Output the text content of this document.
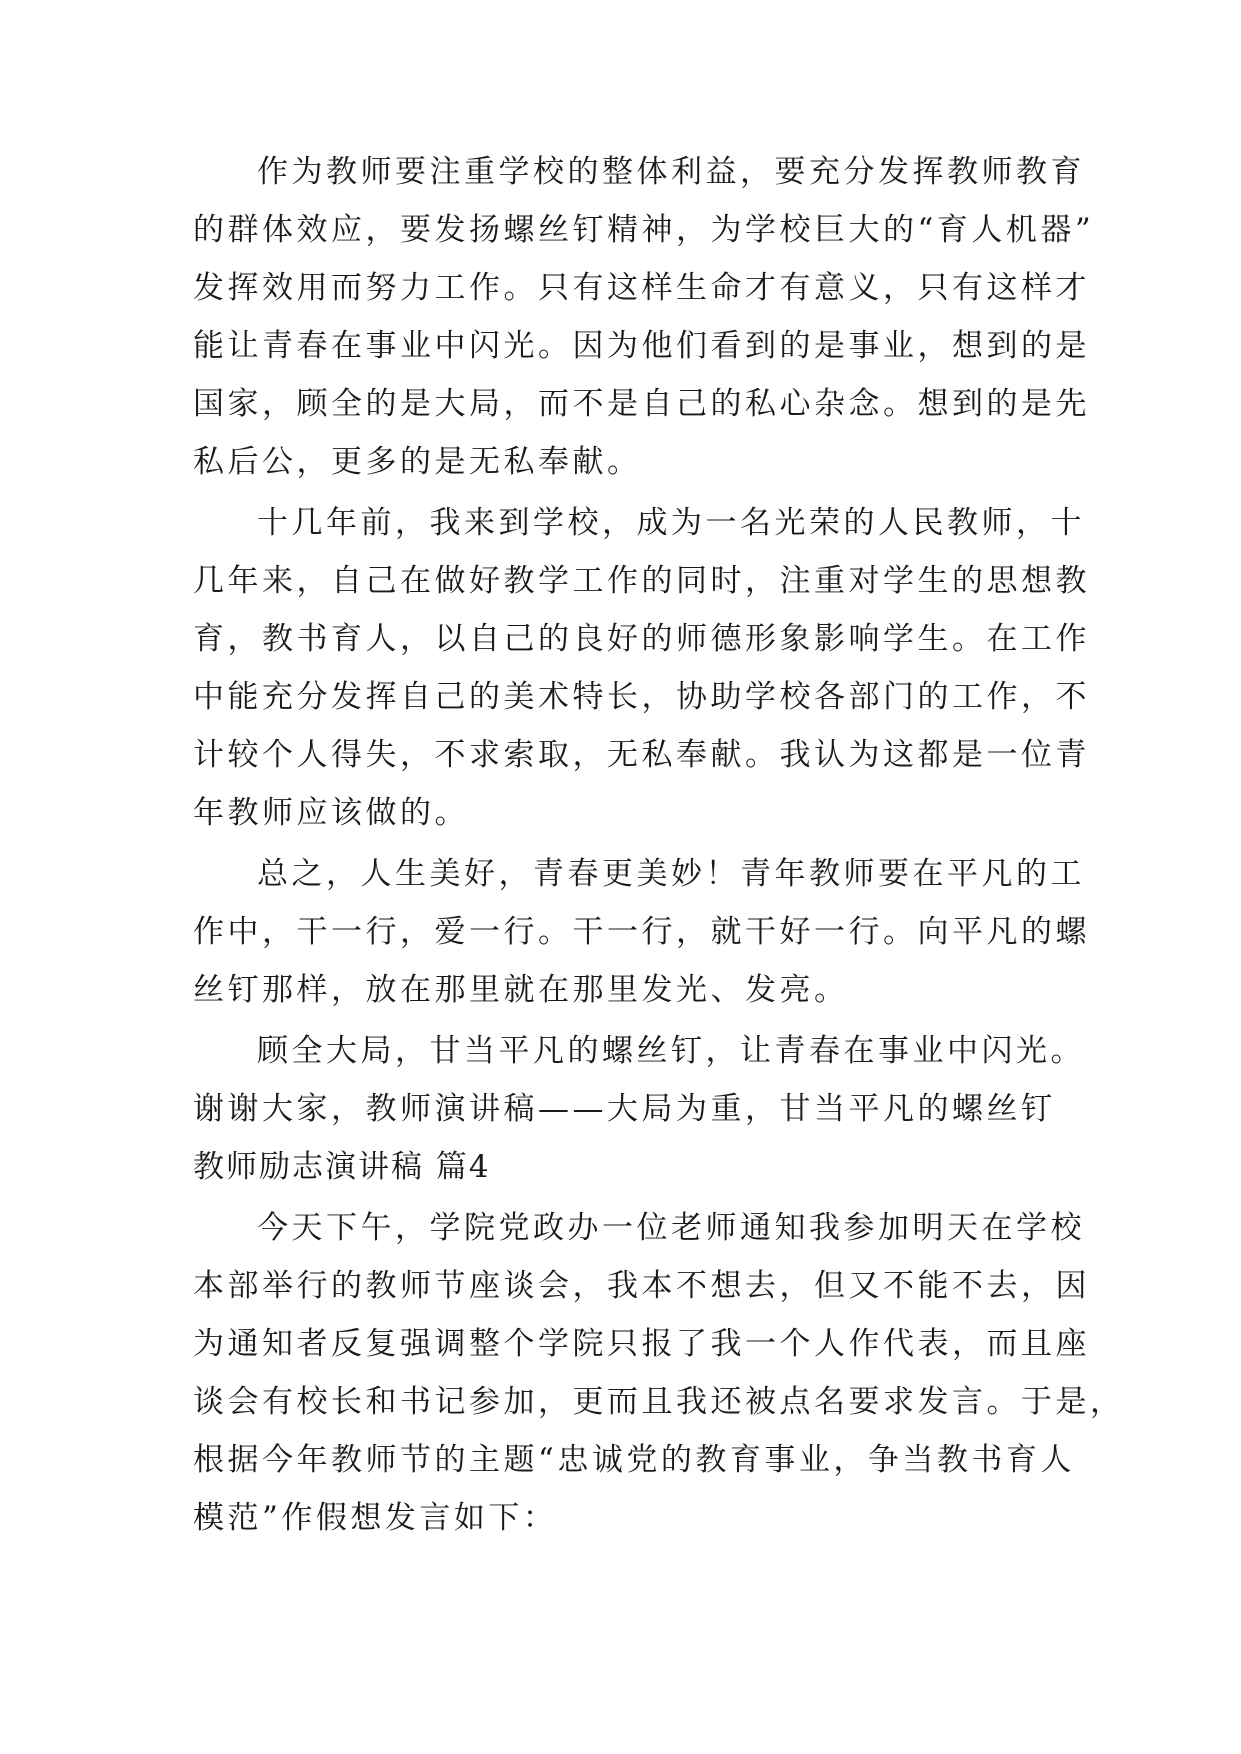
作为教师要注重学校的整体利益，要充分发挥教师教育
的群体效应，要发扬螺丝钉精神，为学校巨大的“育人机器”
发挥效用而努力工作。只有这样生命才有意义，只有这样才
能让青春在事业中闪光。因为他们看到的是事业，想到的是
国家，顾全的是大局，而不是自己的私心杂念。想到的是先
私后公，更多的是无私奉献。
十几年前，我来到学校，成为一名光荣的人民教师，十
几年来，自己在做好教学工作的同时，注重对学生的思想教
育，教书育人，以自己的良好的师德形象影响学生。在工作
中能充分发挥自己的美术特长，协助学校各部门的工作，不
计较个人得失，不求索取，无私奉献。我认为这都是一位青
年教师应该做的。
总之，人生美好，青春更美妙！青年教师要在平凡的工
作中，干一行，爱一行。干一行，就干好一行。向平凡的螺
丝钉那样，放在那里就在那里发光、发亮。
顾全大局，甘当平凡的螺丝钉，让青春在事业中闪光。
谢谢大家，教师演讲稿——大局为重，甘当平凡的螺丝钉
教师励志演讲稿 篇4
今天下午，学院党政办一位老师通知我参加明天在学校
本部举行的教师节座谈会，我本不想去，但又不能不去，因
为通知者反复强调整个学院只报了我一个人作代表，而且座
谈会有校长和书记参加，更而且我还被点名要求发言。于是，
根据今年教师节的主题“忠诚党的教育事业，争当教书育人
模范”作假想发言如下：
